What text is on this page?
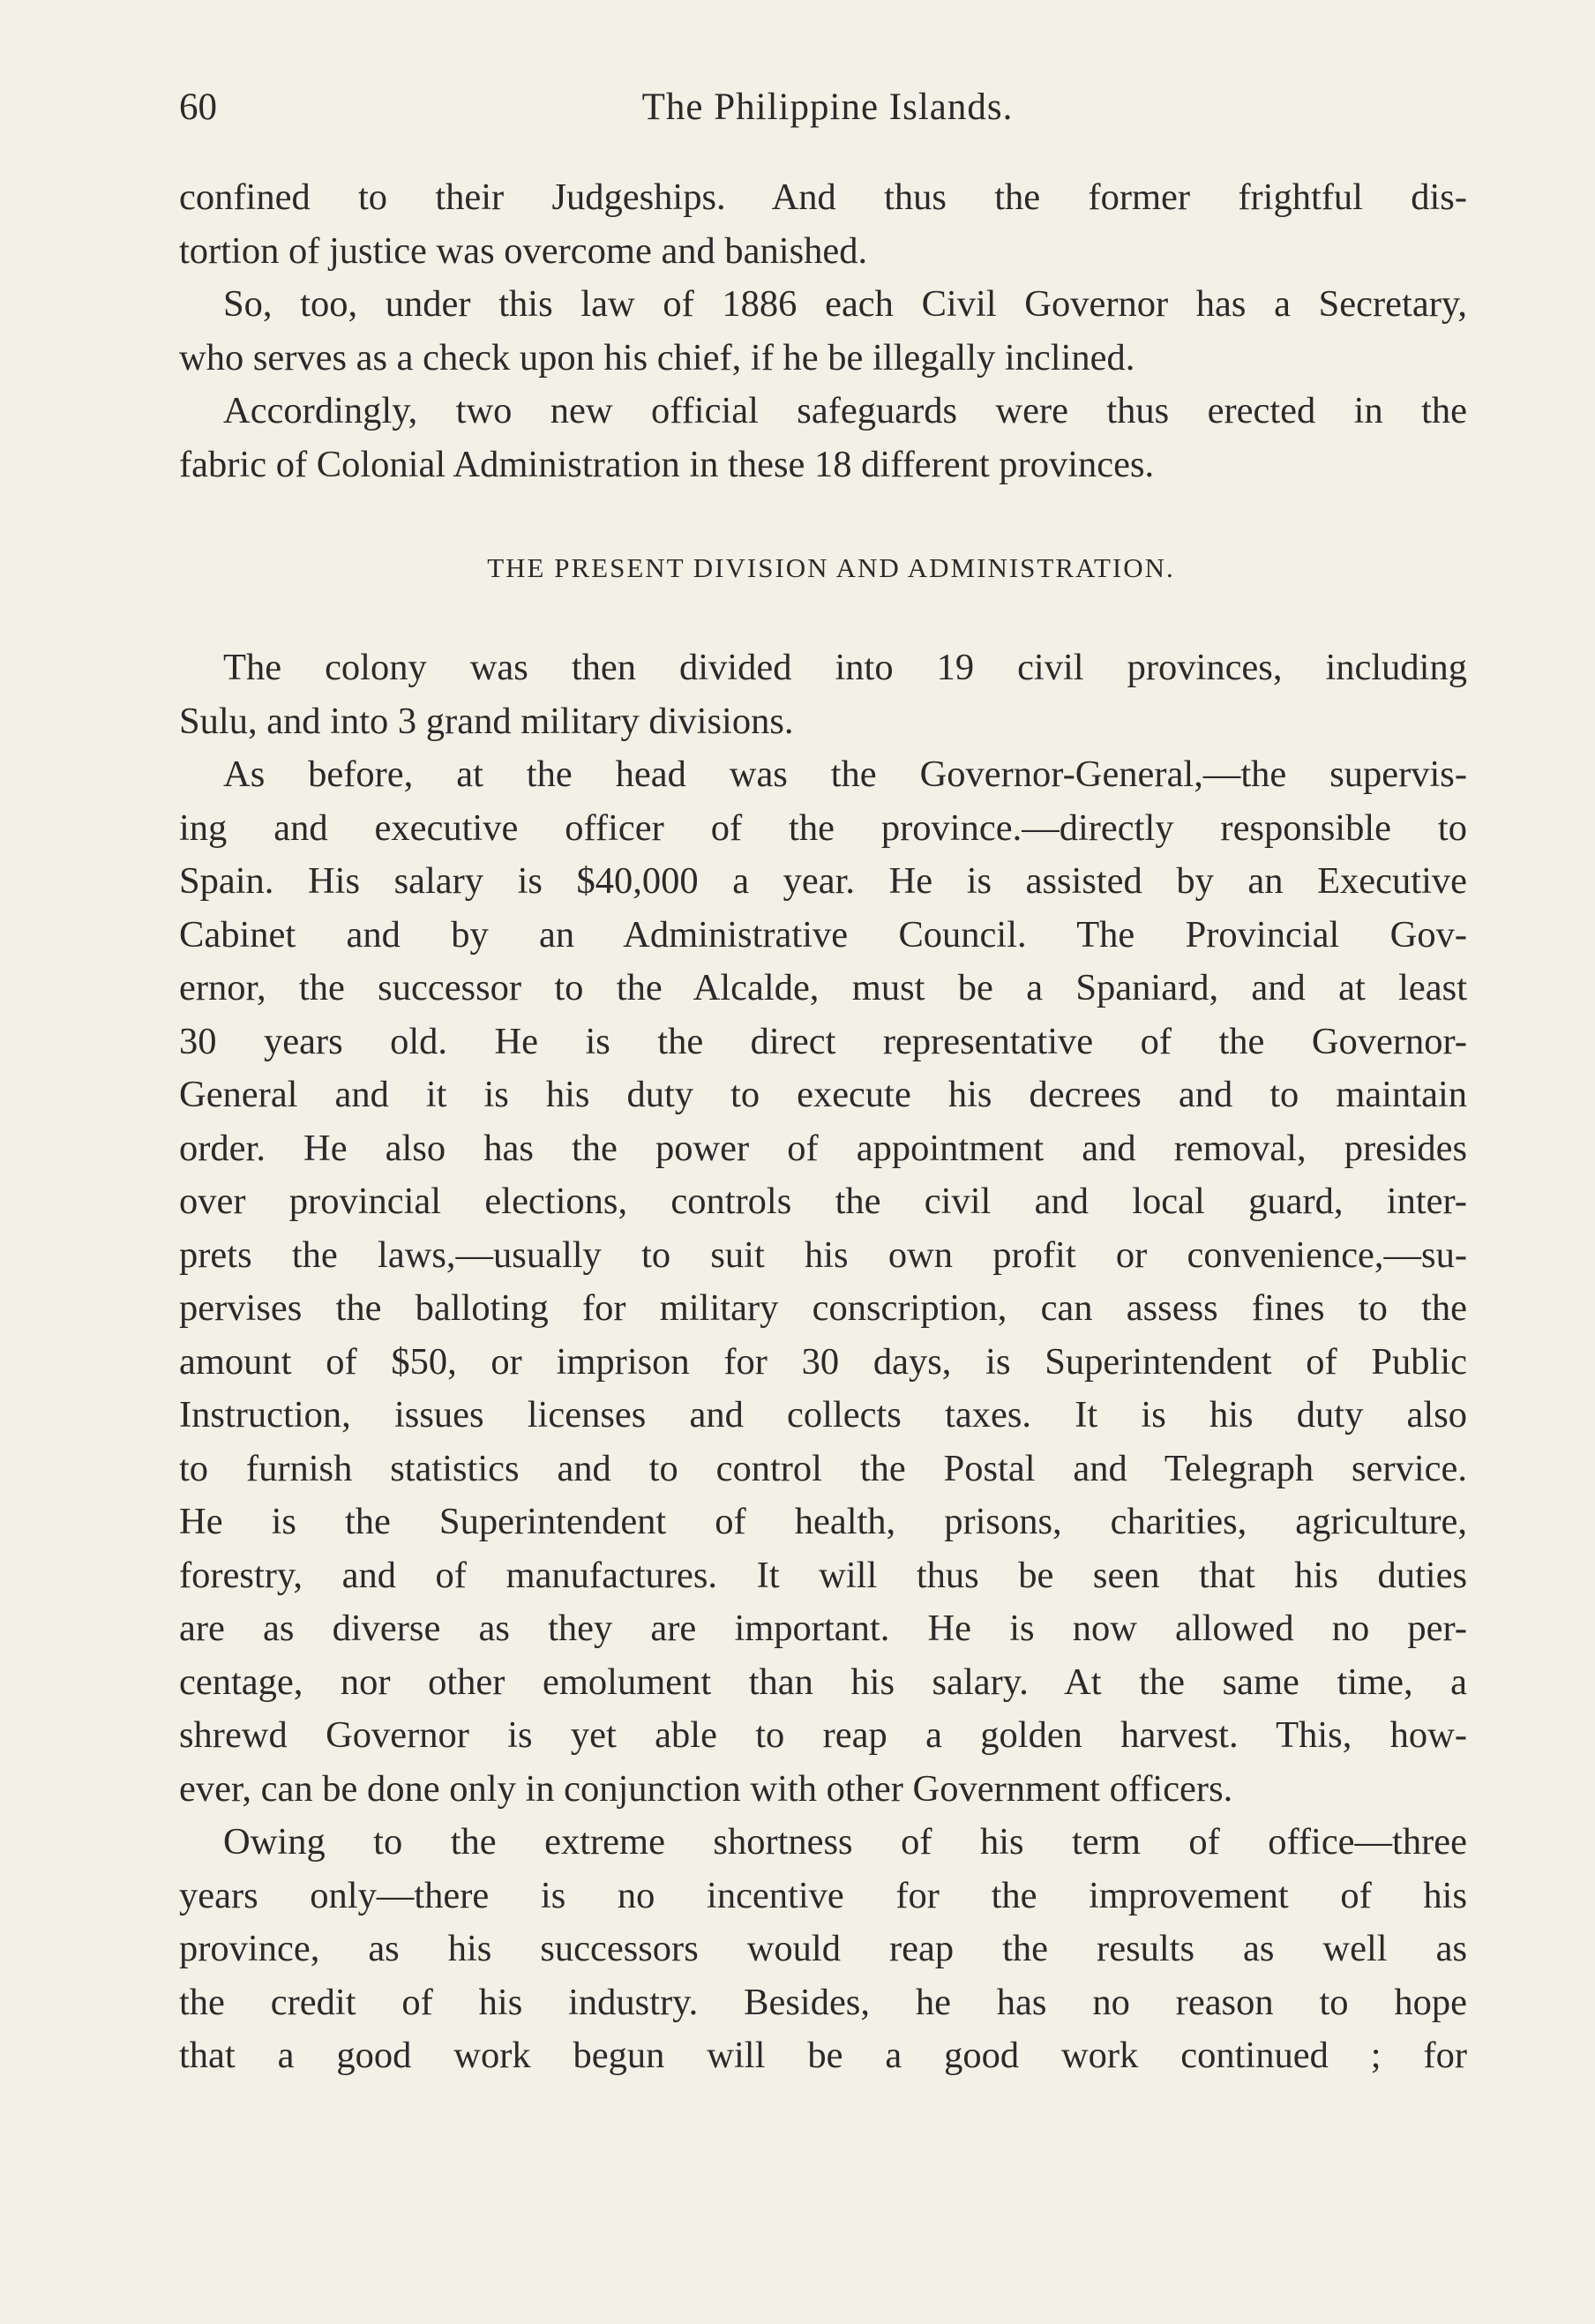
60	The Philippine Islands.
confined to their Judgeships. And thus the former frightful dis-
tortion of justice was overcome and banished.
So, too, under this law of 1886 each Civil Governor has a Secretary,
who serves as a check upon his chief, if he be illegally inclined.
Accordingly, two new official safeguards were thus erected in the
fabric of Colonial Administration in these 18 different provinces.
THE PRESENT DIVISION AND ADMINISTRATION.
The colony was then divided into 19 civil provinces, including
Sulu, and into 3 grand military divisions.
As before, at the head was the Governor-General,—the supervis-
ing and executive officer of the province.—directly responsible to
Spain. His salary is $40,000 a year. He is assisted by an Executive
Cabinet and by an Administrative Council. The Provincial Gov-
ernor, the successor to the Alcalde, must be a Spaniard, and at least
30 years old. He is the direct representative of the Governor-
General and it is his duty to execute his decrees and to maintain
order. He also has the power of appointment and removal, presides
over provincial elections, controls the civil and local guard, inter-
prets the laws,—usually to suit his own profit or convenience,—su-
pervises the balloting for military conscription, can assess fines to the
amount of $50, or imprison for 30 days, is Superintendent of Public
Instruction, issues licenses and collects taxes. It is his duty also
to furnish statistics and to control the Postal and Telegraph service.
He is the Superintendent of health, prisons, charities, agriculture,
forestry, and of manufactures. It will thus be seen that his duties
are as diverse as they are important. He is now allowed no per-
centage, nor other emolument than his salary. At the same time, a
shrewd Governor is yet able to reap a golden harvest. This, how-
ever, can be done only in conjunction with other Government officers.
Owing to the extreme shortness of his term of office—three
years only—there is no incentive for the improvement of his
province, as his successors would reap the results as well as
the credit of his industry. Besides, he has no reason to hope
that a good work begun will be a good work continued ; for
